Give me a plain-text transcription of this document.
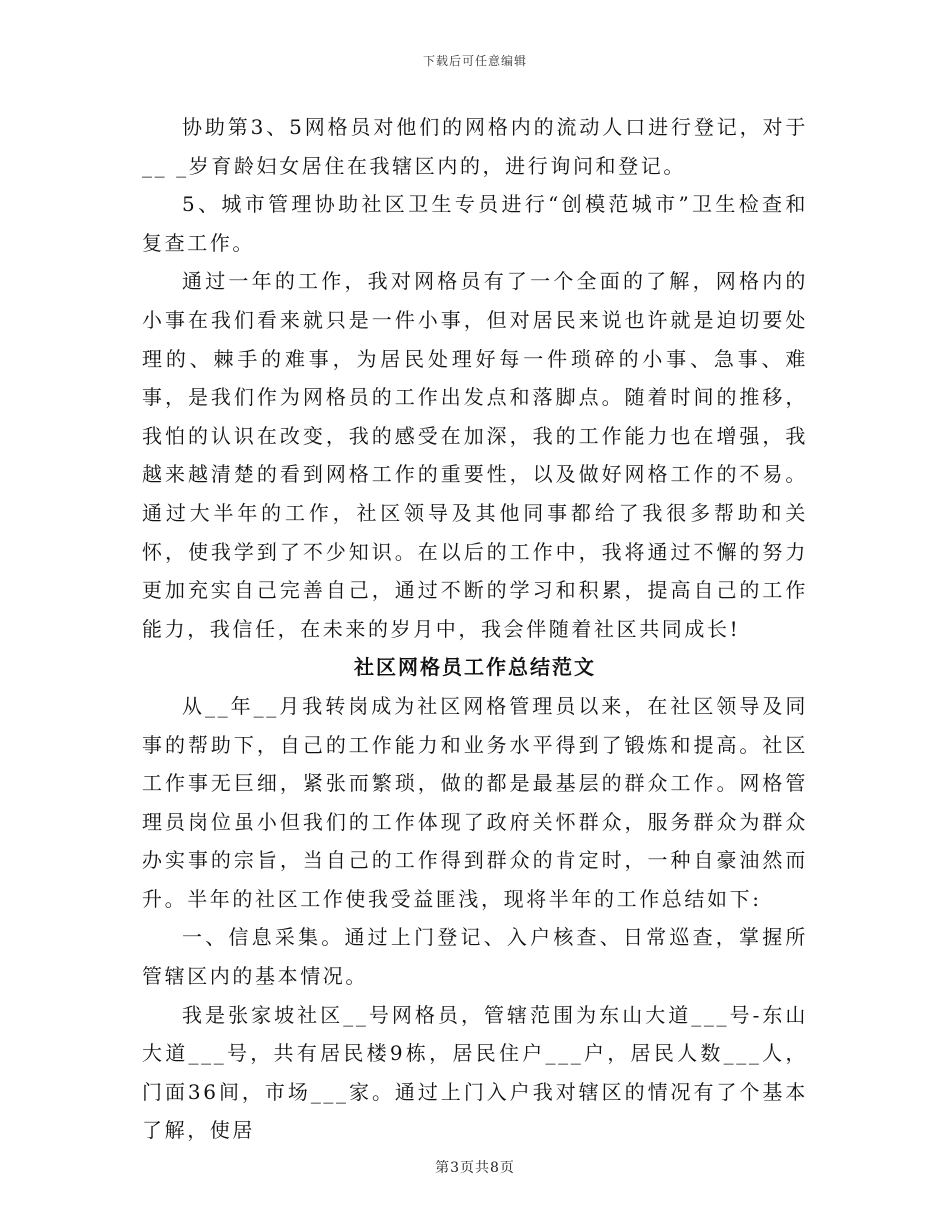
下载后可任意编辑

协助第3、5网格员对他们的网格内的流动人口进行登记，对于__ _岁育龄妇女居住在我辖区内的，进行询问和登记。

5、城市管理协助社区卫生专员进行“创模范城市”卫生检查和复查工作。

通过一年的工作，我对网格员有了一个全面的了解，网格内的小事在我们看来就只是一件小事，但对居民来说也许就是迫切要处理的、棘手的难事，为居民处理好每一件琐碎的小事、急事、难事，是我们作为网格员的工作出发点和落脚点。随着时间的推移，我怕的认识在改变，我的感受在加深，我的工作能力也在增强，我越来越清楚的看到网格工作的重要性，以及做好网格工作的不易。通过大半年的工作，社区领导及其他同事都给了我很多帮助和关怀，使我学到了不少知识。在以后的工作中，我将通过不懈的努力更加充实自己完善自己，通过不断的学习和积累，提高自己的工作能力，我信任，在未来的岁月中，我会伴随着社区共同成长!

社区网格员工作总结范文

从__年__月我转岗成为社区网格管理员以来，在社区领导及同事的帮助下，自己的工作能力和业务水平得到了锻炼和提高。社区工作事无巨细，紧张而繁琐，做的都是最基层的群众工作。网格管理员岗位虽小但我们的工作体现了政府关怀群众，服务群众为群众办实事的宗旨，当自己的工作得到群众的肯定时，一种自豪油然而升。半年的社区工作使我受益匪浅，现将半年的工作总结如下:

一、信息采集。通过上门登记、入户核查、日常巡查，掌握所管辖区内的基本情况。

我是张家坡社区__号网格员，管辖范围为东山大道___号-东山大道___号，共有居民楼9栋，居民住户___户，居民人数___人，门面36间，市场___家。通过上门入户我对辖区的情况有了个基本了解，使居

第3页共8页
